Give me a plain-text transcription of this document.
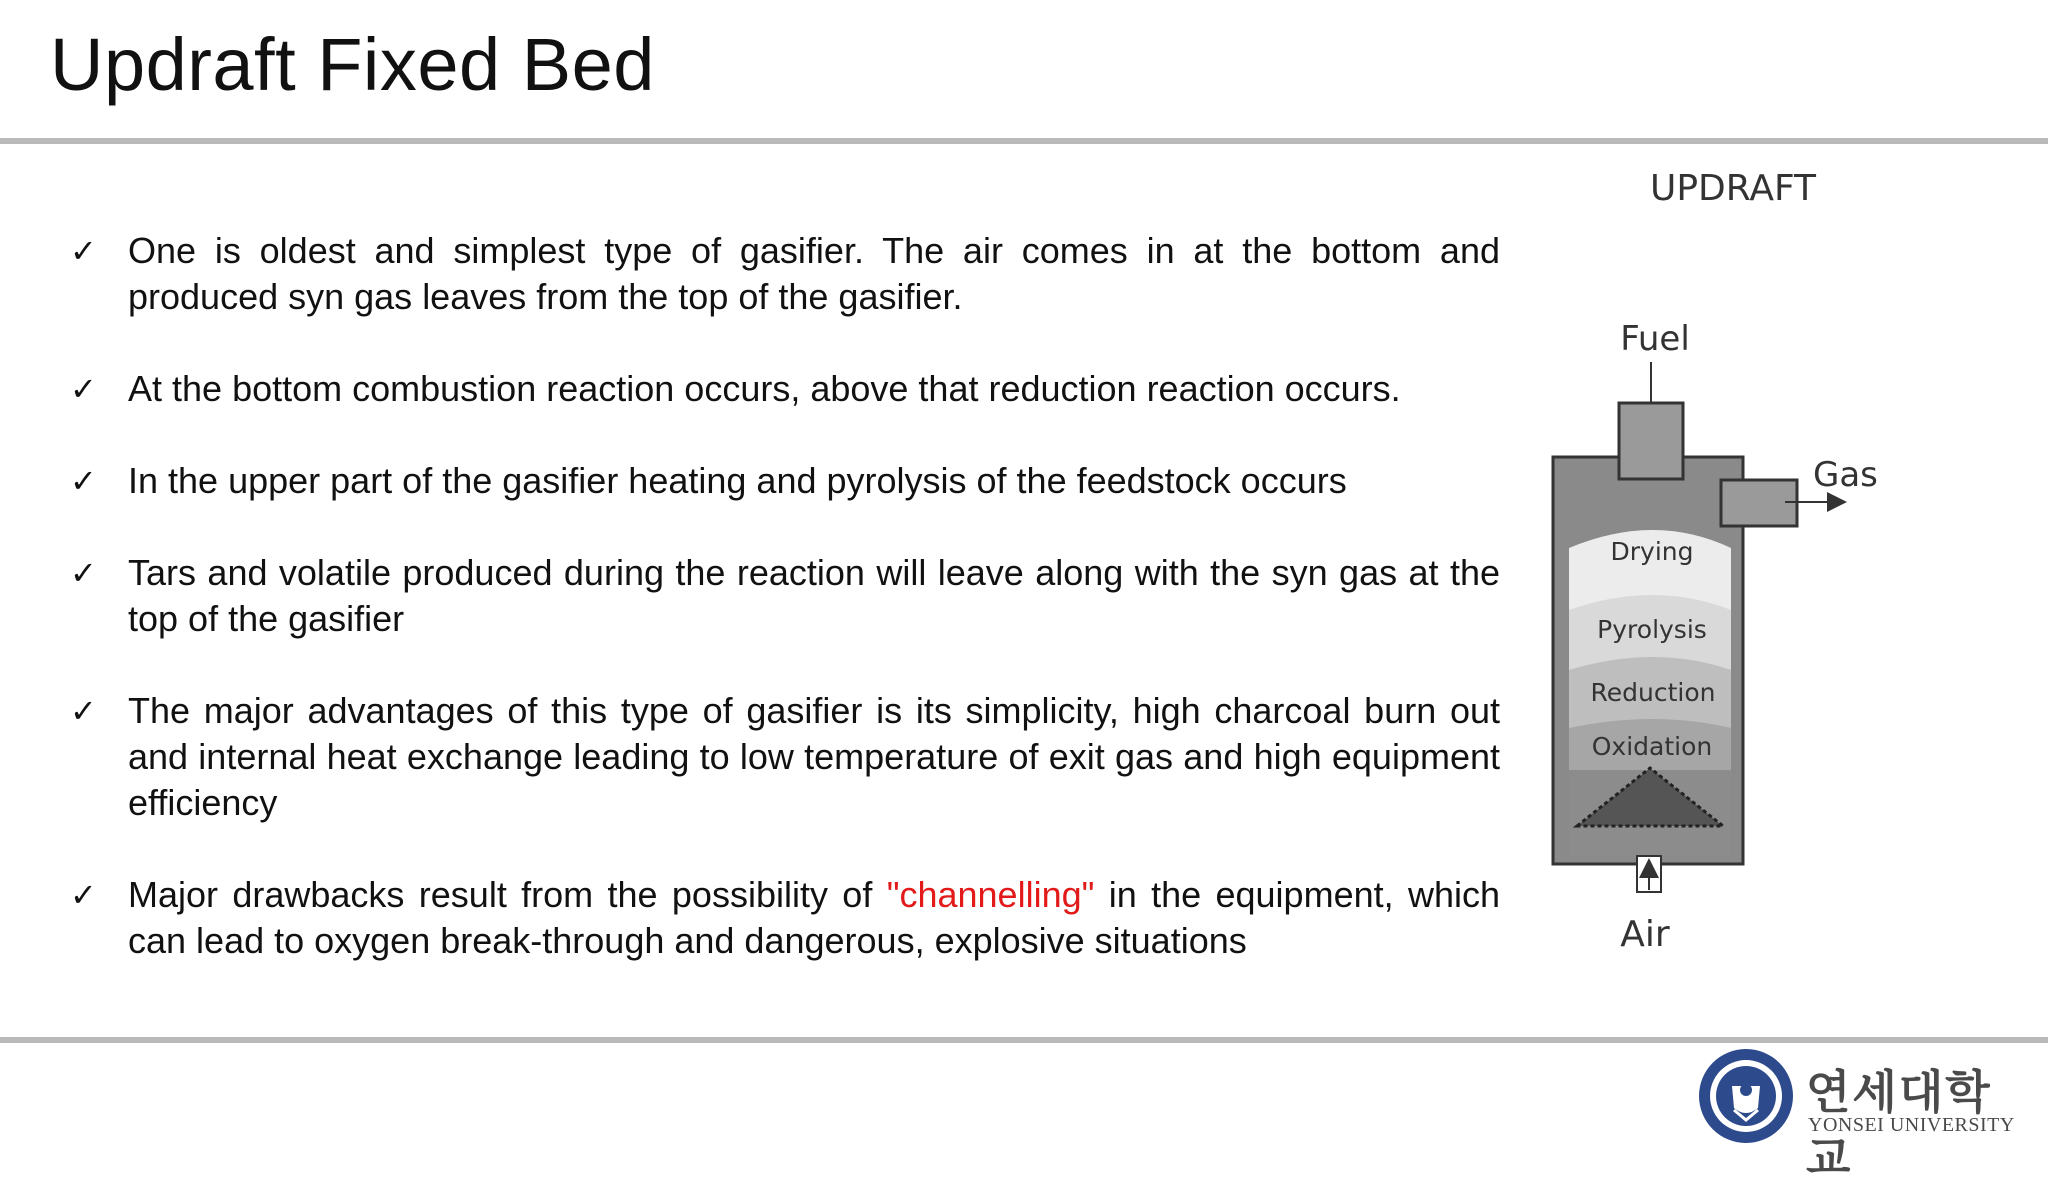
Updraft Fixed Bed
✓ One is oldest and simplest type of gasifier. The air comes in at the bottom and produced syn gas leaves from the top of the gasifier.
✓ At the bottom combustion reaction occurs, above that reduction reaction occurs.
✓ In the upper part of the gasifier heating and pyrolysis of the feedstock occurs
✓ Tars and volatile produced during the reaction will leave along with the syn gas at the top of the gasifier
✓ The major advantages of this type of gasifier is its simplicity, high charcoal burn out and internal heat exchange leading to low temperature of exit gas and high equipment efficiency
✓ Major drawbacks result from the possibility of "channelling" in the equipment, which can lead to oxygen break-through and dangerous, explosive situations
UPDRAFT
Fuel
Gas
Drying
Pyrolysis
Reduction
Oxidation
Air
연세대학교
YONSEI UNIVERSITY
